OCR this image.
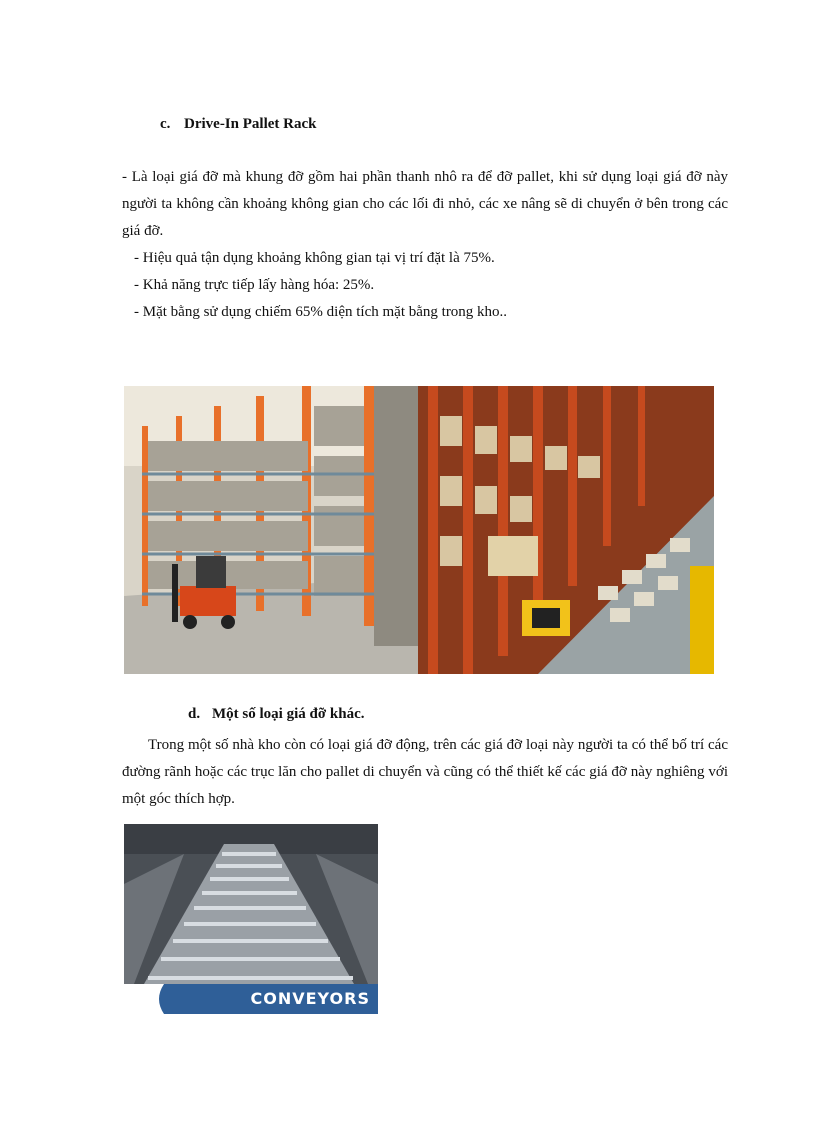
c. Drive-In Pallet Rack

- Là loại giá đỡ mà khung đỡ gồm hai phần thanh nhô ra để đỡ pallet, khi sử dụng loại giá đỡ này người ta không cần khoảng không gian cho các lối đi nhỏ, các xe nâng sẽ di chuyển ở bên trong các giá đỡ.

- Hiệu quả tận dụng khoảng không gian tại vị trí đặt là 75%.

- Khả năng trực tiếp lấy hàng hóa: 25%.

- Mặt bằng sử dụng chiếm 65% diện tích mặt bằng trong kho..

d. Một số loại giá đỡ khác.

Trong một số nhà kho còn có loại giá đỡ động, trên các giá đỡ loại này người ta có thể bố trí các đường rãnh hoặc các trục lăn cho pallet di chuyển và cũng có thể thiết kế các giá đỡ này nghiêng với một góc thích hợp.

CONVEYORS
